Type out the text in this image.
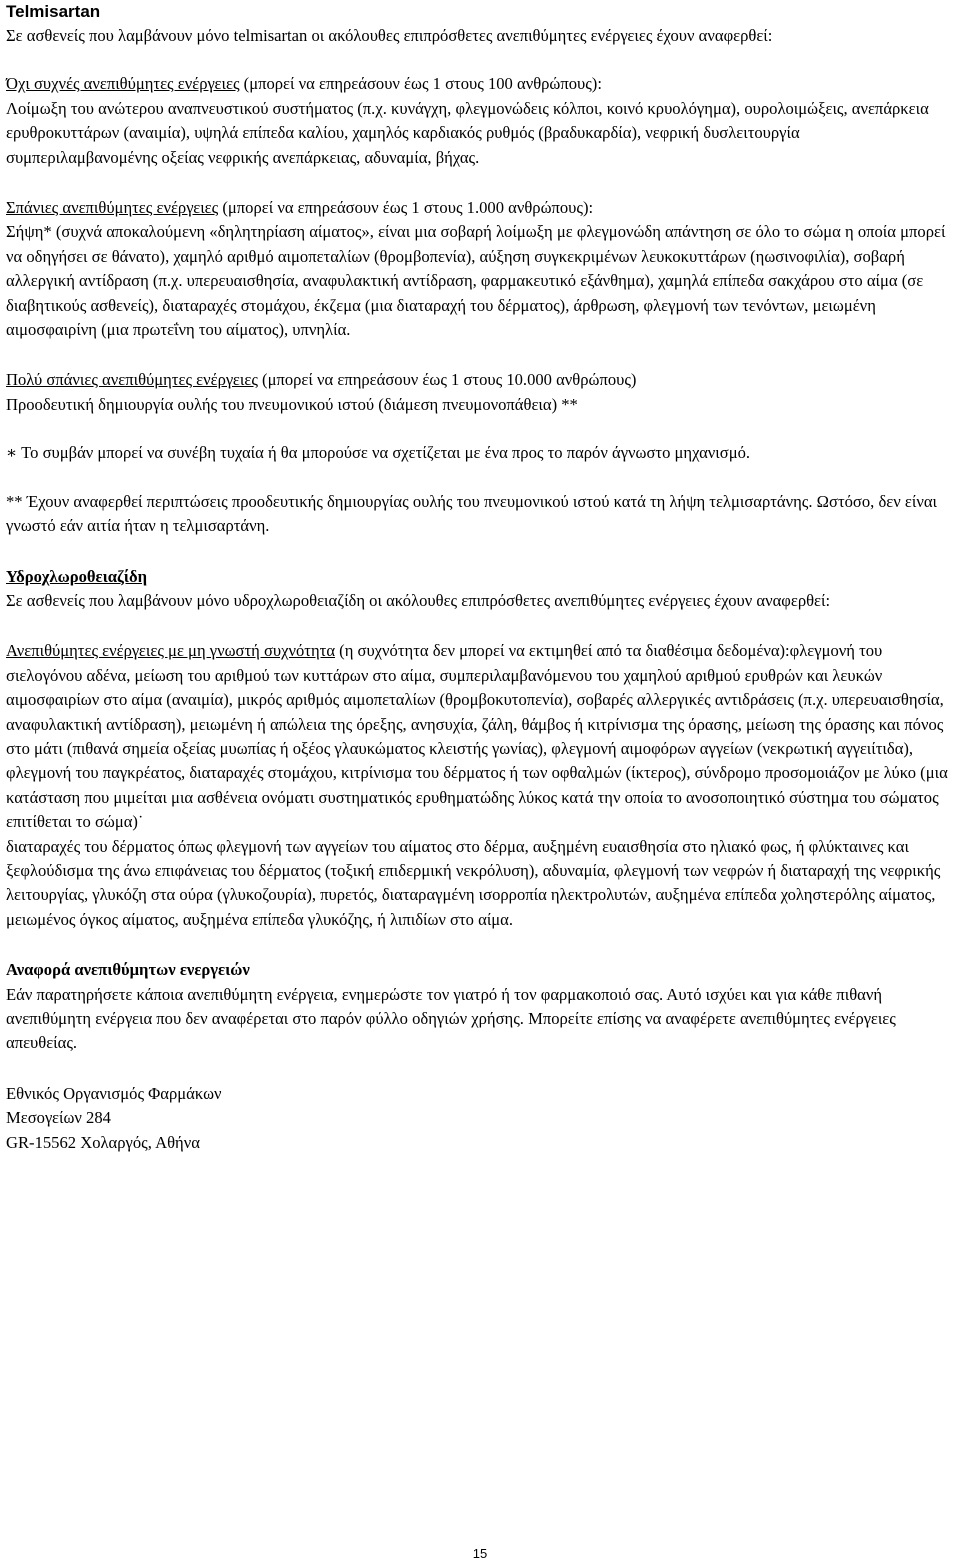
Telmisartan

Σε ασθενείς που λαμβάνουν μόνο telmisartan οι ακόλουθες επιπρόσθετες ανεπιθύμητες ενέργειες έχουν αναφερθεί:

Όχι συχνές ανεπιθύμητες ενέργειες (μπορεί να επηρεάσουν έως 1 στους 100 ανθρώπους):

Λοίμωξη του ανώτερου αναπνευστικού συστήματος (π.χ. κυνάγχη, φλεγμονώδεις κόλποι, κοινό κρυολόγημα), ουρολοιμώξεις, ανεπάρκεια ερυθροκυττάρων (αναιμία), υψηλά επίπεδα καλίου, χαμηλός καρδιακός ρυθμός (βραδυκαρδία), νεφρική δυσλειτουργία συμπεριλαμβανομένης οξείας νεφρικής ανεπάρκειας, αδυναμία, βήχας.

Σπάνιες ανεπιθύμητες ενέργειες (μπορεί να επηρεάσουν έως 1 στους 1.000 ανθρώπους):

Σήψη* (συχνά αποκαλούμενη «δηλητηρίαση αίματος», είναι μια σοβαρή λοίμωξη με φλεγμονώδη απάντηση σε όλο το σώμα η οποία μπορεί να οδηγήσει σε θάνατο), χαμηλό αριθμό αιμοπεταλίων (θρομβοπενία), αύξηση συγκεκριμένων λευκοκυττάρων (ηωσινοφιλία), σοβαρή αλλεργική αντίδραση (π.χ. υπερευαισθησία, αναφυλακτική αντίδραση, φαρμακευτικό εξάνθημα), χαμηλά επίπεδα σακχάρου στο αίμα (σε διαβητικούς ασθενείς), διαταραχές στομάχου, έκζεμα (μια διαταραχή του δέρματος), άρθρωση, φλεγμονή των τενόντων, μειωμένη αιμοσφαιρίνη (μια πρωτεΐνη του αίματος), υπνηλία.

Πολύ σπάνιες ανεπιθύμητες ενέργειες (μπορεί να επηρεάσουν έως 1 στους 10.000 ανθρώπους)

Προοδευτική δημιουργία ουλής του πνευμονικού ιστού (διάμεση πνευμονοπάθεια) **

∗ Το συμβάν μπορεί να συνέβη τυχαία ή θα μπορούσε να σχετίζεται με ένα προς το παρόν άγνωστο μηχανισμό.

** Έχουν αναφερθεί περιπτώσεις προοδευτικής δημιουργίας ουλής του πνευμονικού ιστού κατά τη λήψη τελμισαρτάνης. Ωστόσο, δεν είναι γνωστό εάν αιτία ήταν η τελμισαρτάνη.

Υδροχλωροθειαζίδη

Σε ασθενείς που λαμβάνουν μόνο υδροχλωροθειαζίδη οι ακόλουθες επιπρόσθετες ανεπιθύμητες ενέργειες έχουν αναφερθεί:

Ανεπιθύμητες ενέργειες με μη γνωστή συχνότητα (η συχνότητα δεν μπορεί να εκτιμηθεί από τα διαθέσιμα δεδομένα):φλεγμονή του σιελογόνου αδένα, μείωση του αριθμού των κυττάρων στο αίμα, συμπεριλαμβανόμενου του χαμηλού αριθμού ερυθρών και λευκών αιμοσφαιρίων στο αίμα (αναιμία), μικρός αριθμός αιμοπεταλίων (θρομβοκυτοπενία), σοβαρές αλλεργικές αντιδράσεις (π.χ. υπερευαισθησία, αναφυλακτική αντίδραση), μειωμένη ή απώλεια της όρεξης, ανησυχία, ζάλη, θάμβος ή κιτρίνισμα της όρασης, μείωση της όρασης και πόνος στο μάτι (πιθανά σημεία οξείας μυωπίας ή οξέος γλαυκώματος κλειστής γωνίας), φλεγμονή αιμοφόρων αγγείων (νεκρωτική αγγειίτιδα), φλεγμονή του παγκρέατος, διαταραχές στομάχου, κιτρίνισμα του δέρματος ή των οφθαλμών (ίκτερος), σύνδρομο προσομοιάζον με λύκο (μια κατάσταση που μιμείται μια ασθένεια ονόματι συστηματικός ερυθηματώδης λύκος κατά την οποία το ανοσοποιητικό σύστημα του σώματος επιτίθεται το σώμα)˙

διαταραχές του δέρματος όπως φλεγμονή των αγγείων του αίματος στο δέρμα, αυξημένη ευαισθησία στο ηλιακό φως, ή φλύκταινες και ξεφλούδισμα της άνω επιφάνειας του δέρματος (τοξική επιδερμική νεκρόλυση), αδυναμία, φλεγμονή των νεφρών ή διαταραχή της νεφρικής λειτουργίας, γλυκόζη στα ούρα (γλυκοζουρία), πυρετός, διαταραγμένη ισορροπία ηλεκτρολυτών, αυξημένα επίπεδα χοληστερόλης αίματος, μειωμένος όγκος αίματος, αυξημένα επίπεδα γλυκόζης, ή λιπιδίων στο αίμα.

Αναφορά ανεπιθύμητων ενεργειών

Εάν παρατηρήσετε κάποια ανεπιθύμητη ενέργεια, ενημερώστε τον γιατρό ή τον φαρμακοποιό σας. Αυτό ισχύει και για κάθε πιθανή ανεπιθύμητη ενέργεια που δεν αναφέρεται στο παρόν φύλλο οδηγιών χρήσης. Μπορείτε επίσης να αναφέρετε ανεπιθύμητες ενέργειες απευθείας.

Εθνικός Οργανισμός Φαρμάκων

Μεσογείων 284

GR-15562 Χολαργός, Αθήνα

15
